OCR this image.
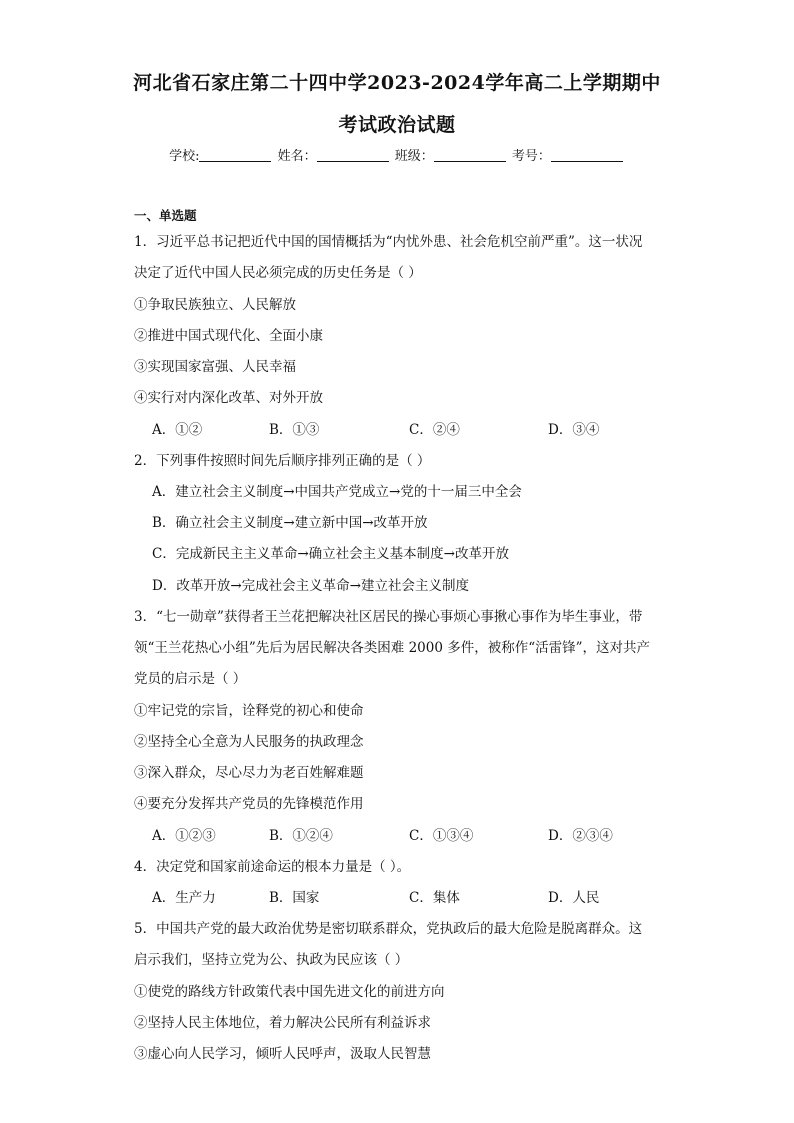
河北省石家庄第二十四中学2023-2024学年高二上学期期中
考试政治试题
学校:	姓名：	班级：	考号：
一、单选题
1．习近平总书记把近代中国的国情概括为“内忧外患、社会危机空前严重”。这一状况
决定了近代中国人民必须完成的历史任务是（ ）
①争取民族独立、人民解放
②推进中国式现代化、全面小康
③实现国家富强、人民幸福
④实行对内深化改革、对外开放
A．①②	B．①③	C．②④	D．③④
2．下列事件按照时间先后顺序排列正确的是（ ）
A．建立社会主义制度→中国共产党成立→党的十一届三中全会
B．确立社会主义制度→建立新中国→改革开放
C．完成新民主主义革命→确立社会主义基本制度→改革开放
D．改革开放→完成社会主义革命→建立社会主义制度
3．“七一勋章”获得者王兰花把解决社区居民的操心事烦心事揪心事作为毕生事业，带
领“王兰花热心小组”先后为居民解决各类困难 2000 多件，被称作“活雷锋”，这对共产
党员的启示是（ ）
①牢记党的宗旨，诠释党的初心和使命
②坚持全心全意为人民服务的执政理念
③深入群众，尽心尽力为老百姓解难题
④要充分发挥共产党员的先锋模范作用
A．①②③	B．①②④	C．①③④	D．②③④
4．决定党和国家前途命运的根本力量是（ ）。
A．生产力	B．国家	C．集体	D．人民
5．中国共产党的最大政治优势是密切联系群众，党执政后的最大危险是脱离群众。这
启示我们，坚持立党为公、执政为民应该（ ）
①使党的路线方针政策代表中国先进文化的前进方向
②坚持人民主体地位，着力解决公民所有利益诉求
③虚心向人民学习，倾听人民呼声，汲取人民智慧
